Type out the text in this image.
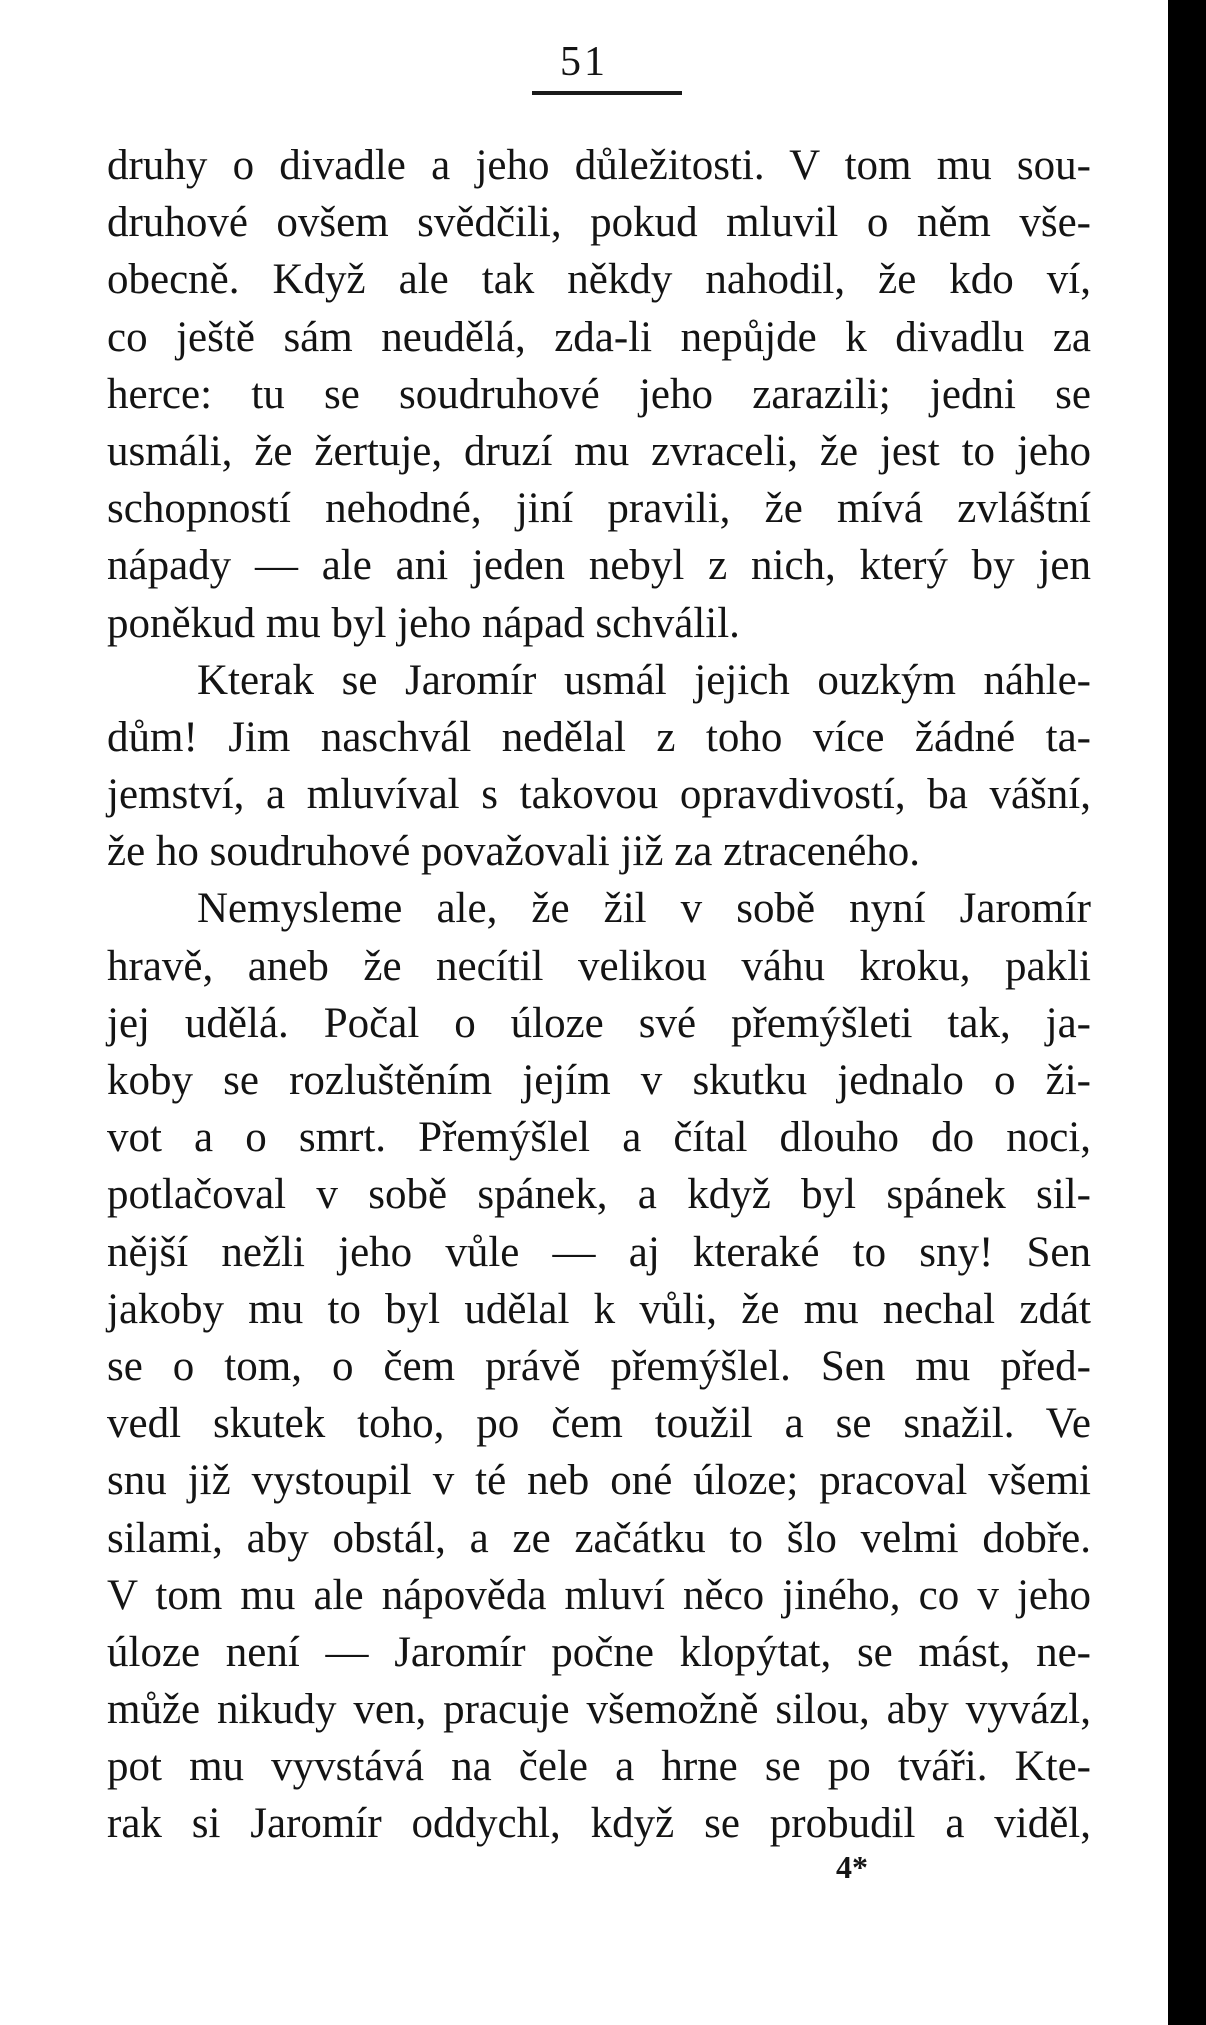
51
druhy o divadle a jeho důležitosti. V tom mu sou-
druhové ovšem svědčili, pokud mluvil o něm vše-
obecně. Když ale tak někdy nahodil, že kdo ví,
co ještě sám neudělá, zda-li nepůjde k divadlu za
herce: tu se soudruhové jeho zarazili; jedni se
usmáli, že žertuje, druzí mu zvraceli, že jest to jeho
schopností nehodné, jiní pravili, že mívá zvláštní
nápady — ale ani jeden nebyl z nich, který by jen
poněkud mu byl jeho nápad schválil.
Kterak se Jaromír usmál jejich ouzkým náhle-
dům! Jim naschvál nedělal z toho více žádné ta-
jemství, a mluvíval s takovou opravdivostí, ba vášní,
že ho soudruhové považovali již za ztraceného.
Nemysleme ale, že žil v sobě nyní Jaromír
hravě, aneb že necítil velikou váhu kroku, pakli
jej udělá. Počal o úloze své přemýšleti tak, ja-
koby se rozluštěním jejím v skutku jednalo o ži-
vot a o smrt. Přemýšlel a čítal dlouho do noci,
potlačoval v sobě spánek, a když byl spánek sil-
nější nežli jeho vůle — aj kteraké to sny! Sen
jakoby mu to byl udělal k vůli, že mu nechal zdát
se o tom, o čem právě přemýšlel. Sen mu před-
vedl skutek toho, po čem toužil a se snažil. Ve
snu již vystoupil v té neb oné úloze; pracoval všemi
silami, aby obstál, a ze začátku to šlo velmi dobře.
V tom mu ale nápověda mluví něco jiného, co v jeho
úloze není — Jaromír počne klopýtat, se mást, ne-
může nikudy ven, pracuje všemožně silou, aby vyvázl,
pot mu vyvstává na čele a hrne se po tváři. Kte-
rak si Jaromír oddychl, když se probudil a viděl,
4*
